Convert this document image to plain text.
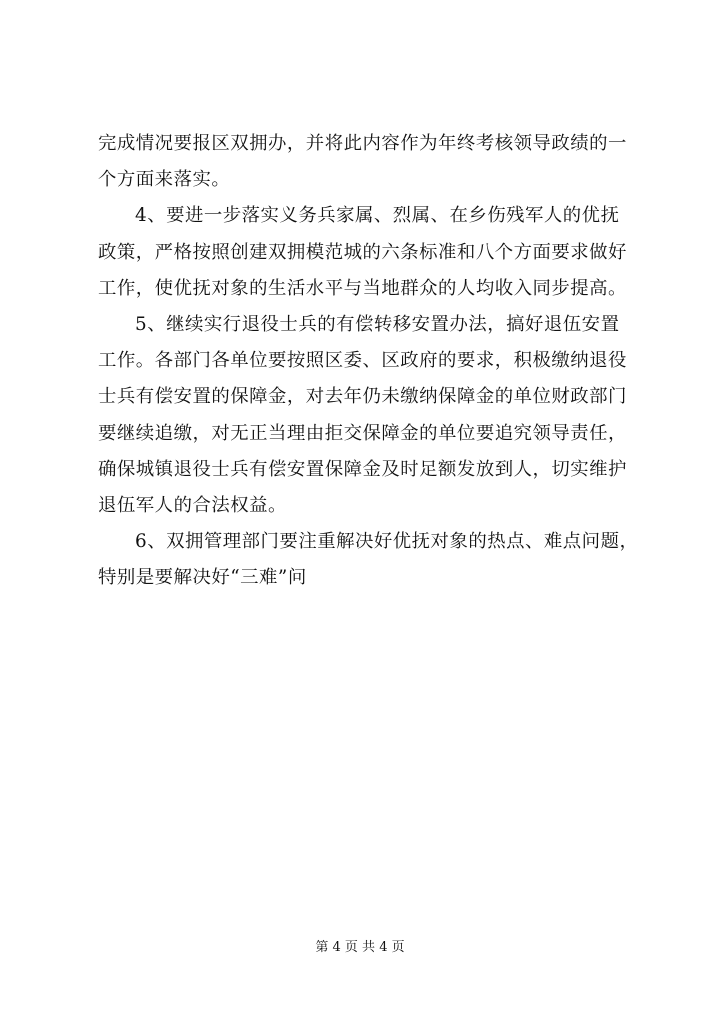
完成情况要报区双拥办，并将此内容作为年终考核领导政绩的一
个方面来落实。
4、要进一步落实义务兵家属、烈属、在乡伤残军人的优抚
政策，严格按照创建双拥模范城的六条标准和八个方面要求做好
工作，使优抚对象的生活水平与当地群众的人均收入同步提高。
5、继续实行退役士兵的有偿转移安置办法，搞好退伍安置
工作。各部门各单位要按照区委、区政府的要求，积极缴纳退役
士兵有偿安置的保障金，对去年仍未缴纳保障金的单位财政部门
要继续追缴，对无正当理由拒交保障金的单位要追究领导责任，
确保城镇退役士兵有偿安置保障金及时足额发放到人，切实维护
退伍军人的合法权益。
6、双拥管理部门要注重解决好优抚对象的热点、难点问题，
特别是要解决好“三难”问
第 4 页 共 4 页
